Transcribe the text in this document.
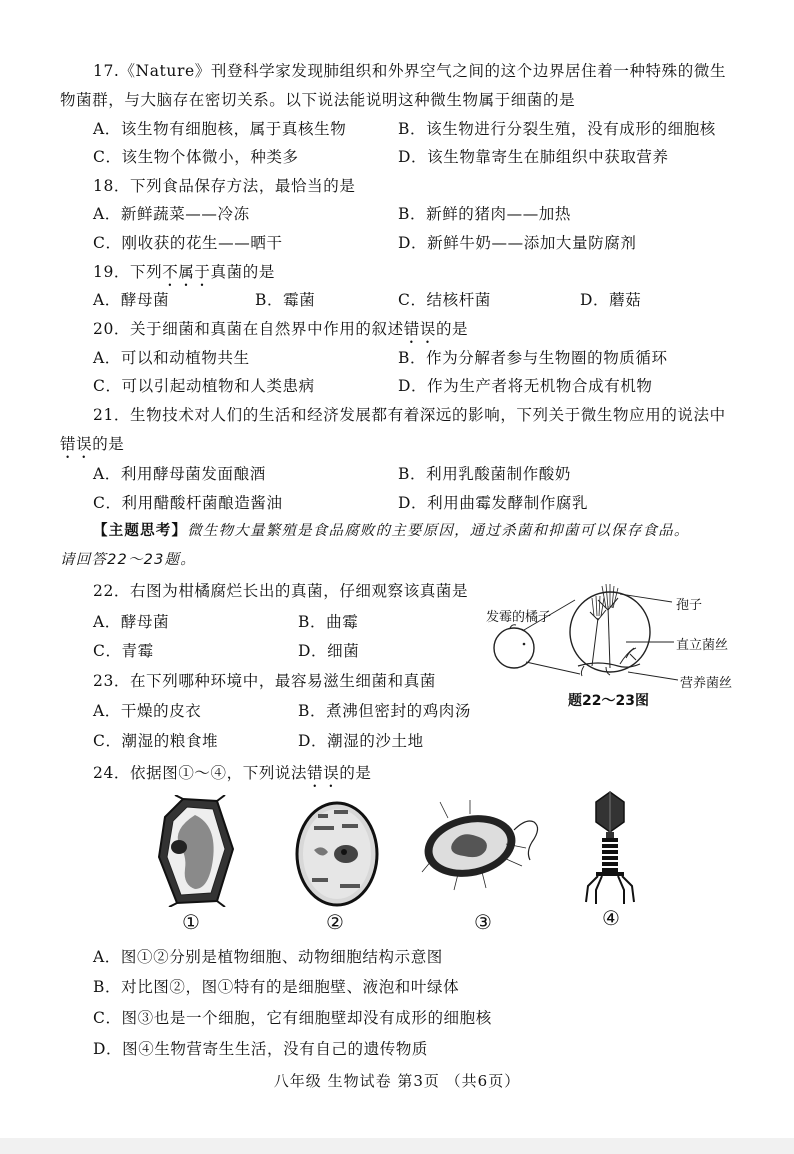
17.《Nature》刊登科学家发现肺组织和外界空气之间的这个边界居住着一种特殊的微生
物菌群，与大脑存在密切关系。以下说法能说明这种微生物属于细菌的是
A．该生物有细胞核，属于真核生物	B．该生物进行分裂生殖，没有成形的细胞核
C．该生物个体微小，种类多	D．该生物靠寄生在肺组织中获取营养
18．下列食品保存方法，最恰当的是
A．新鲜蔬菜——冷冻	B．新鲜的猪肉——加热
C．刚收获的花生——晒干	D．新鲜牛奶——添加大量防腐剂
19．下列不属于真菌的是
A．酵母菌	B．霉菌	C．结核杆菌	D．蘑菇
20．关于细菌和真菌在自然界中作用的叙述错误的是
A．可以和动植物共生	B．作为分解者参与生物圈的物质循环
C．可以引起动植物和人类患病	D．作为生产者将无机物合成有机物
21．生物技术对人们的生活和经济发展都有着深远的影响，下列关于微生物应用的说法中
错误的是
A．利用酵母菌发面酿酒	B．利用乳酸菌制作酸奶
C．利用醋酸杆菌酿造酱油	D．利用曲霉发酵制作腐乳
【主题思考】微生物大量繁殖是食品腐败的主要原因，通过杀菌和抑菌可以保存食品。
请回答22～23题。
22．右图为柑橘腐烂长出的真菌，仔细观察该真菌是
A．酵母菌	B．曲霉
C．青霉	D．细菌
23．在下列哪种环境中，最容易滋生细菌和真菌
A．干燥的皮衣	B．煮沸但密封的鸡肉汤
C．潮湿的粮食堆	D．潮湿的沙土地
发霉的橘子
孢子
直立菌丝
营养菌丝
题22～23图
24．依据图①～④，下列说法错误的是
①	②	③	④
A．图①②分别是植物细胞、动物细胞结构示意图
B．对比图②，图①特有的是细胞壁、液泡和叶绿体
C．图③也是一个细胞，它有细胞壁却没有成形的细胞核
D．图④生物营寄生生活，没有自己的遗传物质
八年级 生物试卷 第3页 （共6页）
